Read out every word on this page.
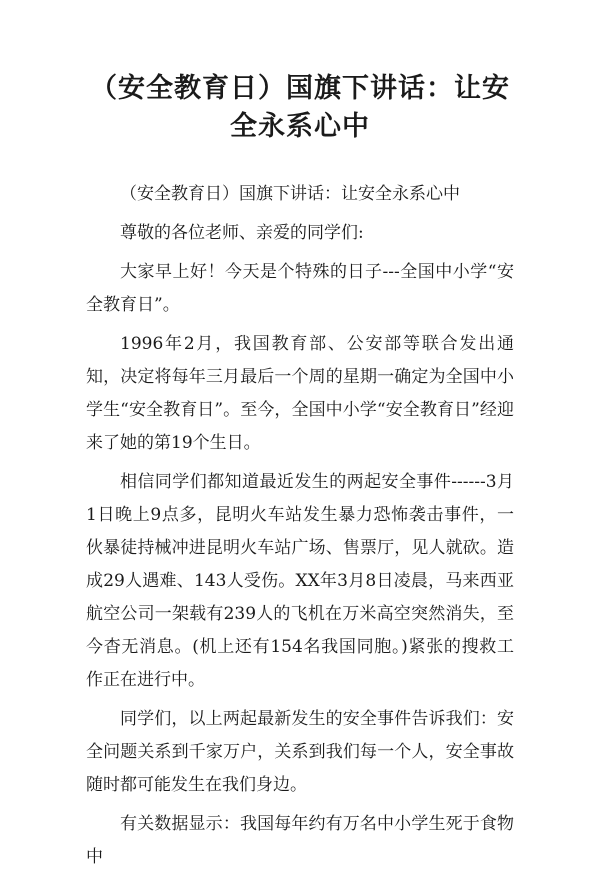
（安全教育日）国旗下讲话：让安全永系心中

（安全教育日）国旗下讲话：让安全永系心中

尊敬的各位老师、亲爱的同学们:

大家早上好！今天是个特殊的日子---全国中小学“安全教育日”。

1996年2月，我国教育部、公安部等联合发出通知，决定将每年三月最后一个周的星期一确定为全国中小学生“安全教育日”。至今，全国中小学“安全教育日”经迎来了她的第19个生日。

相信同学们都知道最近发生的两起安全事件------3月1日晚上9点多，昆明火车站发生暴力恐怖袭击事件，一伙暴徒持械冲进昆明火车站广场、售票厅，见人就砍。造成29人遇难、143人受伤。XX年3月8日凌晨，马来西亚航空公司一架载有239人的飞机在万米高空突然消失，至今杳无消息。(机上还有154名我国同胞。)紧张的搜救工作正在进行中。

同学们，以上两起最新发生的安全事件告诉我们：安全问题关系到千家万户，关系到我们每一个人，安全事故随时都可能发生在我们身边。

有关数据显示：我国每年约有万名中小学生死于食物中
